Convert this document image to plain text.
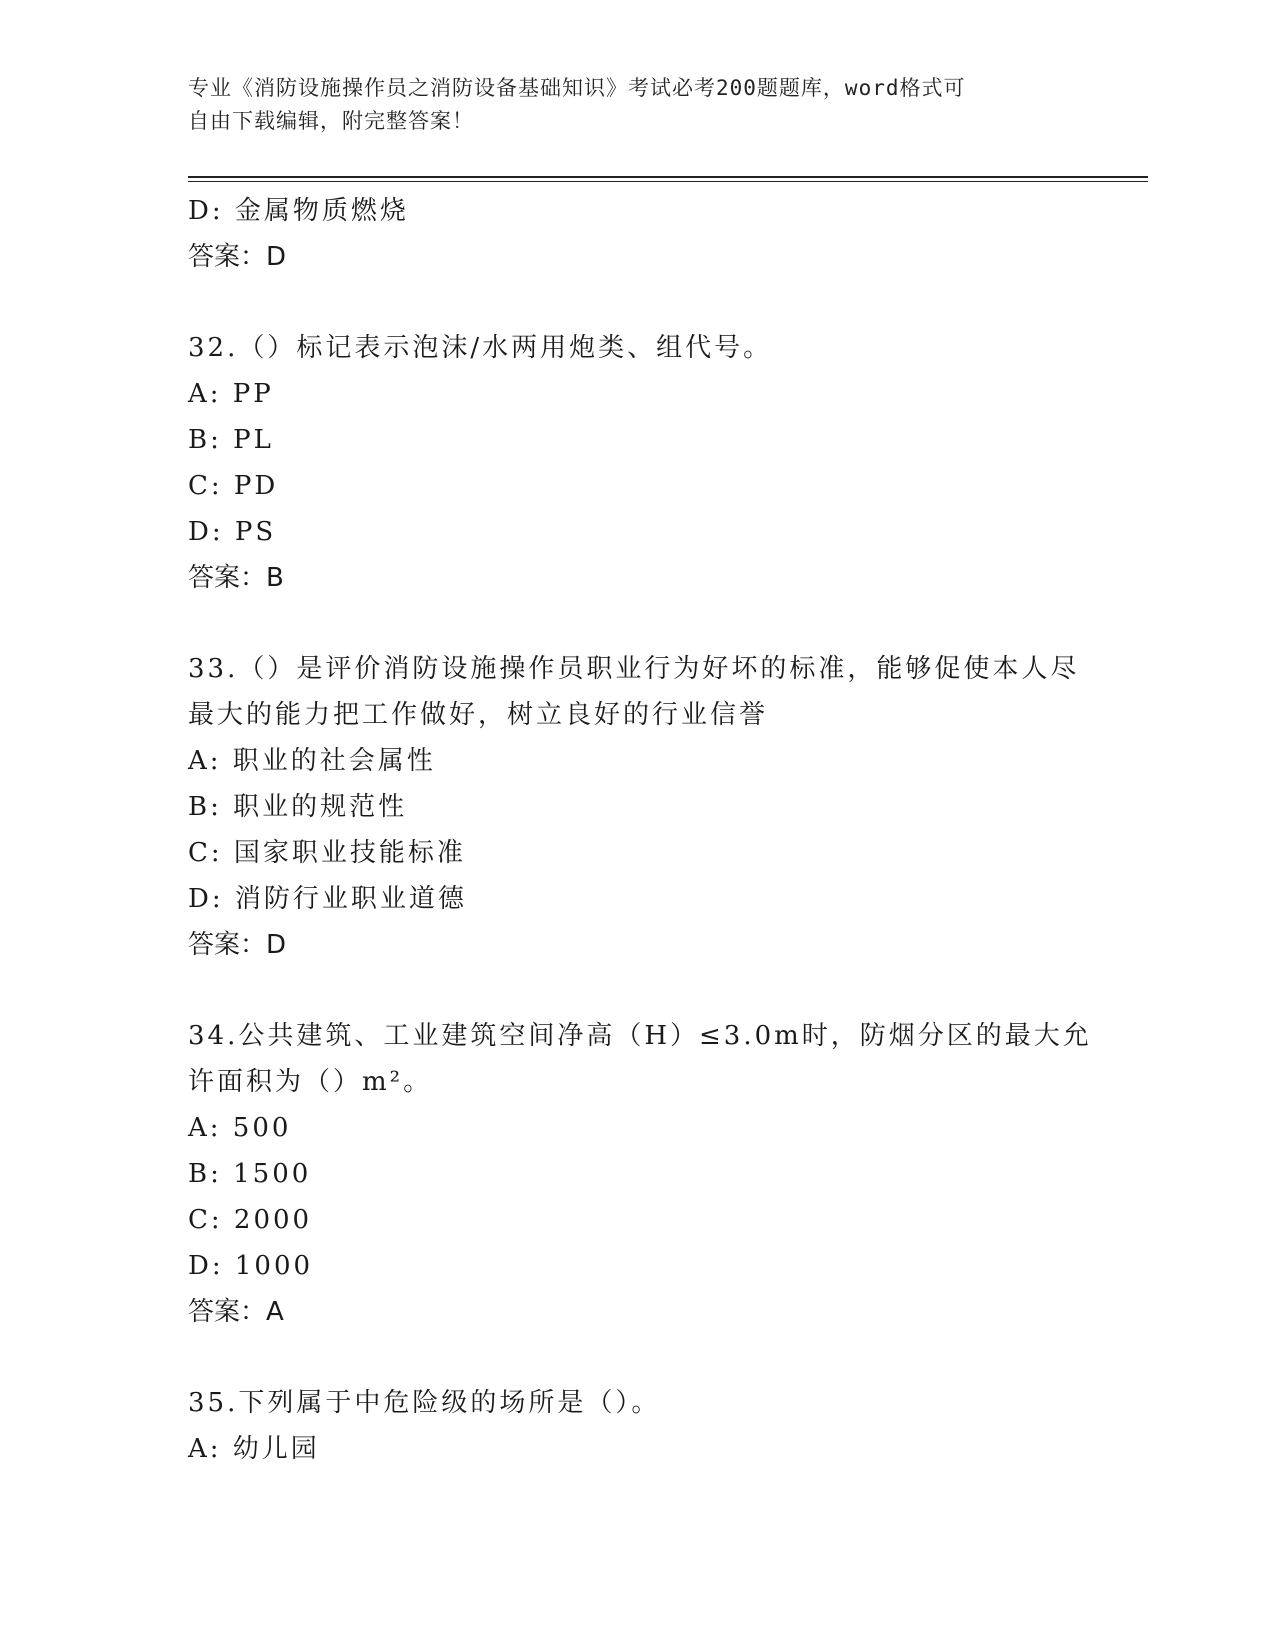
专业《消防设施操作员之消防设备基础知识》考试必考200题题库，word格式可
自由下载编辑，附完整答案！
D: 金属物质燃烧
答案：D
32.（）标记表示泡沫/水两用炮类、组代号。
A: PP
B: PL
C: PD
D: PS
答案：B
33.（）是评价消防设施操作员职业行为好坏的标准，能够促使本人尽
最大的能力把工作做好，树立良好的行业信誉
A: 职业的社会属性
B: 职业的规范性
C: 国家职业技能标准
D: 消防行业职业道德
答案：D
34.公共建筑、工业建筑空间净高（H）≤3.0m时，防烟分区的最大允
许面积为（）m²。
A: 500
B: 1500
C: 2000
D: 1000
答案：A
35.下列属于中危险级的场所是（）。
A: 幼儿园
